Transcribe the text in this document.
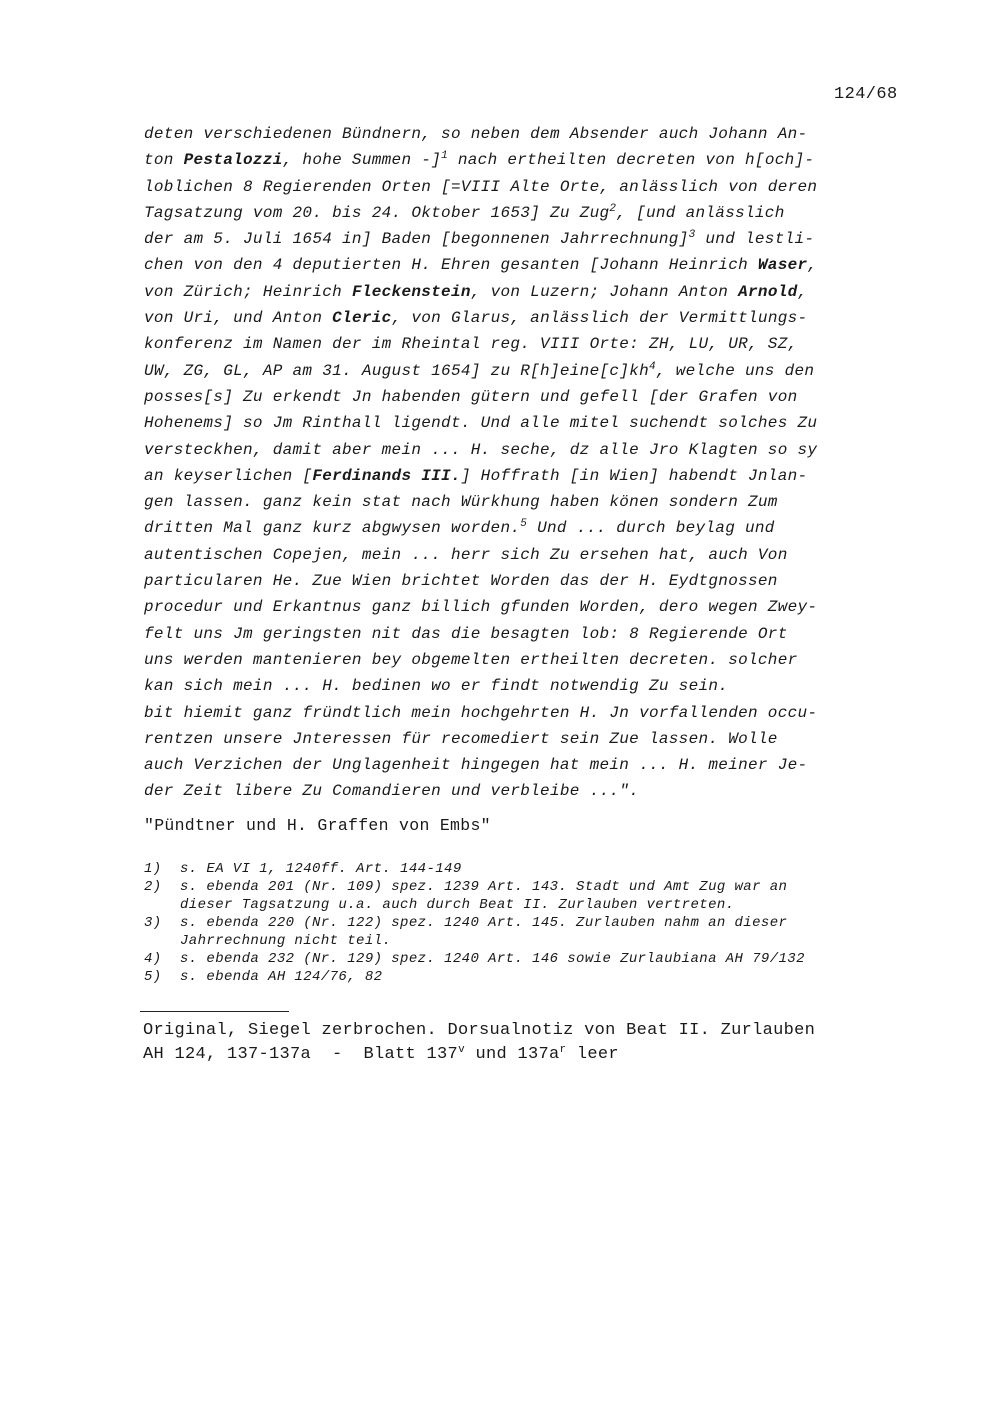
124/68
deten verschiedenen Bündnern, so neben dem Absender auch Johann An-
ton Pestalozzi, hohe Summen -]$^1$ nach ertheilten decreten von h[och]-
loblichen 8 Regierenden Orten [=VIII Alte Orte, anlässlich von deren
Tagsatzung vom 20. bis 24. Oktober 1653] Zu Zug$^2$, [und anlässlich
der am 5. Juli 1654 in] Baden [begonnenen Jahrrechnung]$^3$ und lestli-
chen von den 4 deputierten H. Ehren gesanten [Johann Heinrich Waser,
von Zürich; Heinrich Fleckenstein, von Luzern; Johann Anton Arnold,
von Uri, und Anton Cleric, von Glarus, anlässlich der Vermittlungs-
konferenz im Namen der im Rheintal reg. VIII Orte: ZH, LU, UR, SZ,
UW, ZG, GL, AP am 31. August 1654] zu $R[h]eine[c]kh^4$, welche uns den
posses[s] Zu erkendt Jn habenden gütern und gefell [der Grafen von
Hohenems] so Jm Rinthall ligendt. Und alle mitel suchendt solches Zu
versteckhen, damit aber mein ... H. seche, dz alle Jro Klagten so sy
an keyserlichen [Ferdinands III.] Hoffrath [in Wien] habendt Jnlan-
gen lassen. ganz kein stat nach Würkhung haben könen sondern Zum
dritten Mal ganz kurz abgwysen worden.$^5$ Und ... durch beylag und
autentischen Copejen, mein ... herr sich Zu ersehen hat, auch Von
particularen He. Zue Wien brichtet Worden das der H. Eydtgnossen
procedur und Erkantnus ganz billich gfunden Worden, dero wegen Zwey-
felt uns Jm geringsten nit das die besagten lob: 8 Regierende Ort
uns werden mantenieren bey obgemelten ertheilten decreten. solcher
kan sich mein ... H. bedinen wo er findt notwendig Zu sein.
bit hiemit ganz fründtlich mein hochgehrten H. Jn vorfallenden occu-
rentzen unsere Jnteressen für recomediert sein Zue lassen. Wolle
auch Verzichen der Unglagenheit hingegen hat mein ... H. meiner Je-
der Zeit libere Zu Comandieren und verbleibe ...".
"Pündtner und H. Graffen von Embs"
1) s. EA VI 1, 1240ff. Art. 144-149
2) s. ebenda 201 (Nr. 109) spez. 1239 Art. 143. Stadt und Amt Zug war an
dieser Tagsatzung u.a. auch durch Beat II. Zurlauben vertreten.
3) s. ebenda 220 (Nr. 122) spez. 1240 Art. 145. Zurlauben nahm an dieser
Jahrrechnung nicht teil.
4) s. ebenda 232 (Nr. 129) spez. 1240 Art. 146 sowie Zurlaubiana AH 79/132
5) s. ebenda AH 124/76, 82
Original, Siegel zerbrochen. Dorsualnotiz von Beat II. Zurlauben
AH 124, 137-137a  -  Blatt 137$^v$ und $137a^r$ leer
